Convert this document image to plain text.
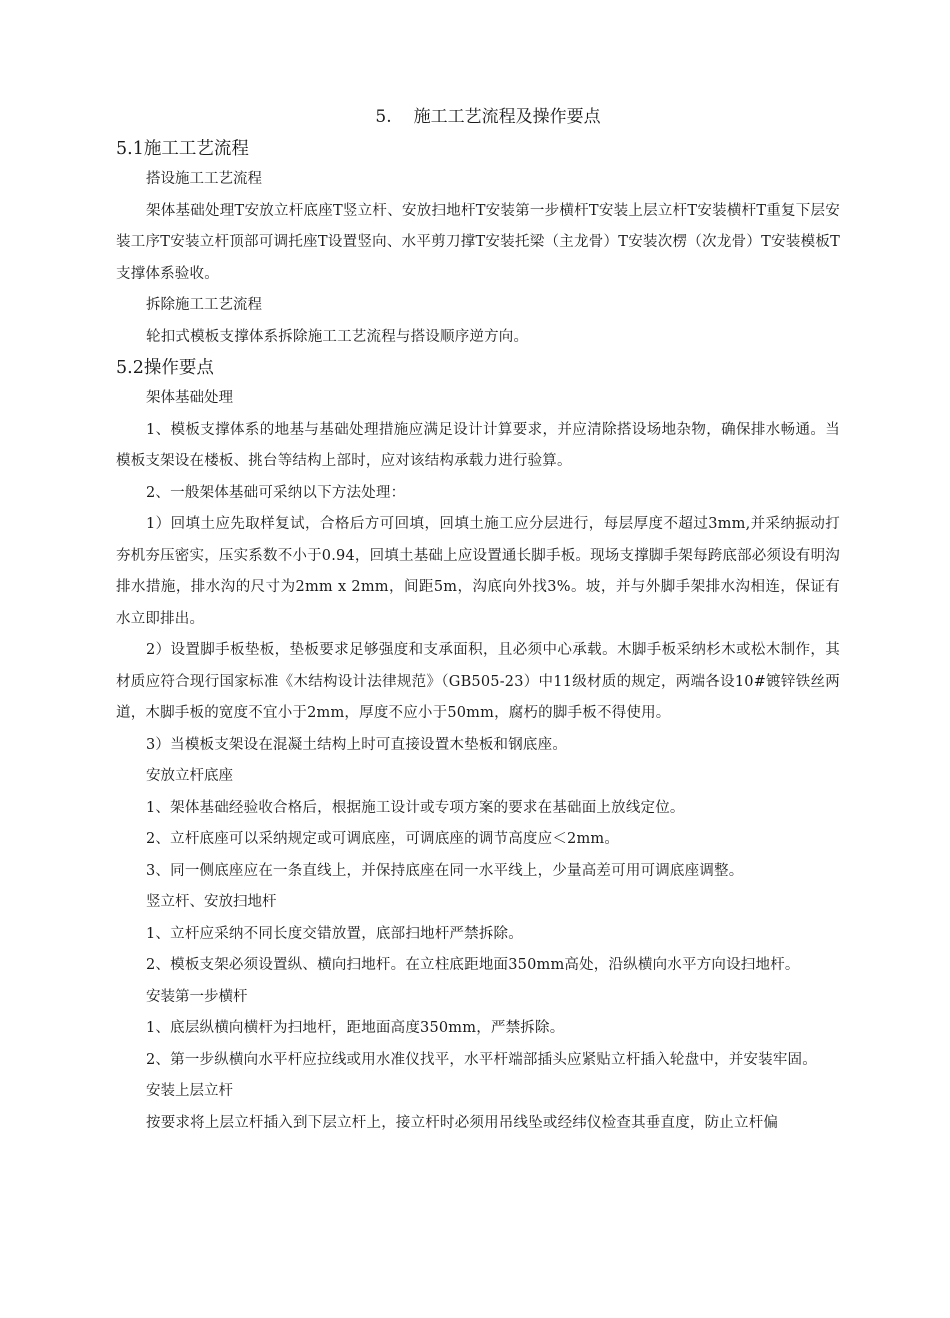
5. 施工工艺流程及操作要点
5.1施工工艺流程
搭设施工工艺流程
架体基础处理T安放立杆底座T竖立杆、安放扫地杆T安装第一步横杆T安装上层立杆T安装横杆T重复下层安装工序T安装立杆顶部可调托座T设置竖向、水平剪刀撑T安装托梁（主龙骨）T安装次楞（次龙骨）T安装模板T支撑体系验收。
拆除施工工艺流程
轮扣式模板支撑体系拆除施工工艺流程与搭设顺序逆方向。
5.2操作要点
架体基础处理
1、模板支撑体系的地基与基础处理措施应满足设计计算要求，并应清除搭设场地杂物，确保排水畅通。当模板支架设在楼板、挑台等结构上部时，应对该结构承载力进行验算。
2、一般架体基础可采纳以下方法处理：
1）回填土应先取样复试，合格后方可回填，回填土施工应分层进行，每层厚度不超过3mm,并采纳振动打夯机夯压密实，压实系数不小于0.94，回填土基础上应设置通长脚手板。现场支撑脚手架每跨底部必须设有明沟排水措施，排水沟的尺寸为2mm x 2mm，间距5m，沟底向外找3%。坡，并与外脚手架排水沟相连，保证有水立即排出。
2）设置脚手板垫板，垫板要求足够强度和支承面积，且必须中心承载。木脚手板采纳杉木或松木制作，其材质应符合现行国家标准《木结构设计法律规范》（GB505-23）中11级材质的规定，两端各设10#镀锌铁丝两道，木脚手板的宽度不宜小于2mm，厚度不应小于50mm，腐朽的脚手板不得使用。
3）当模板支架设在混凝土结构上时可直接设置木垫板和钢底座。
安放立杆底座
1、架体基础经验收合格后，根据施工设计或专项方案的要求在基础面上放线定位。
2、立杆底座可以采纳规定或可调底座，可调底座的调节高度应＜2mm。
3、同一侧底座应在一条直线上，并保持底座在同一水平线上，少量高差可用可调底座调整。
竖立杆、安放扫地杆
1、立杆应采纳不同长度交错放置，底部扫地杆严禁拆除。
2、模板支架必须设置纵、横向扫地杆。在立柱底距地面350mm高处，沿纵横向水平方向设扫地杆。
安装第一步横杆
1、底层纵横向横杆为扫地杆，距地面高度350mm，严禁拆除。
2、第一步纵横向水平杆应拉线或用水准仪找平，水平杆端部插头应紧贴立杆插入轮盘中，并安装牢固。
安装上层立杆
按要求将上层立杆插入到下层立杆上，接立杆时必须用吊线坠或经纬仪检查其垂直度，防止立杆偏
